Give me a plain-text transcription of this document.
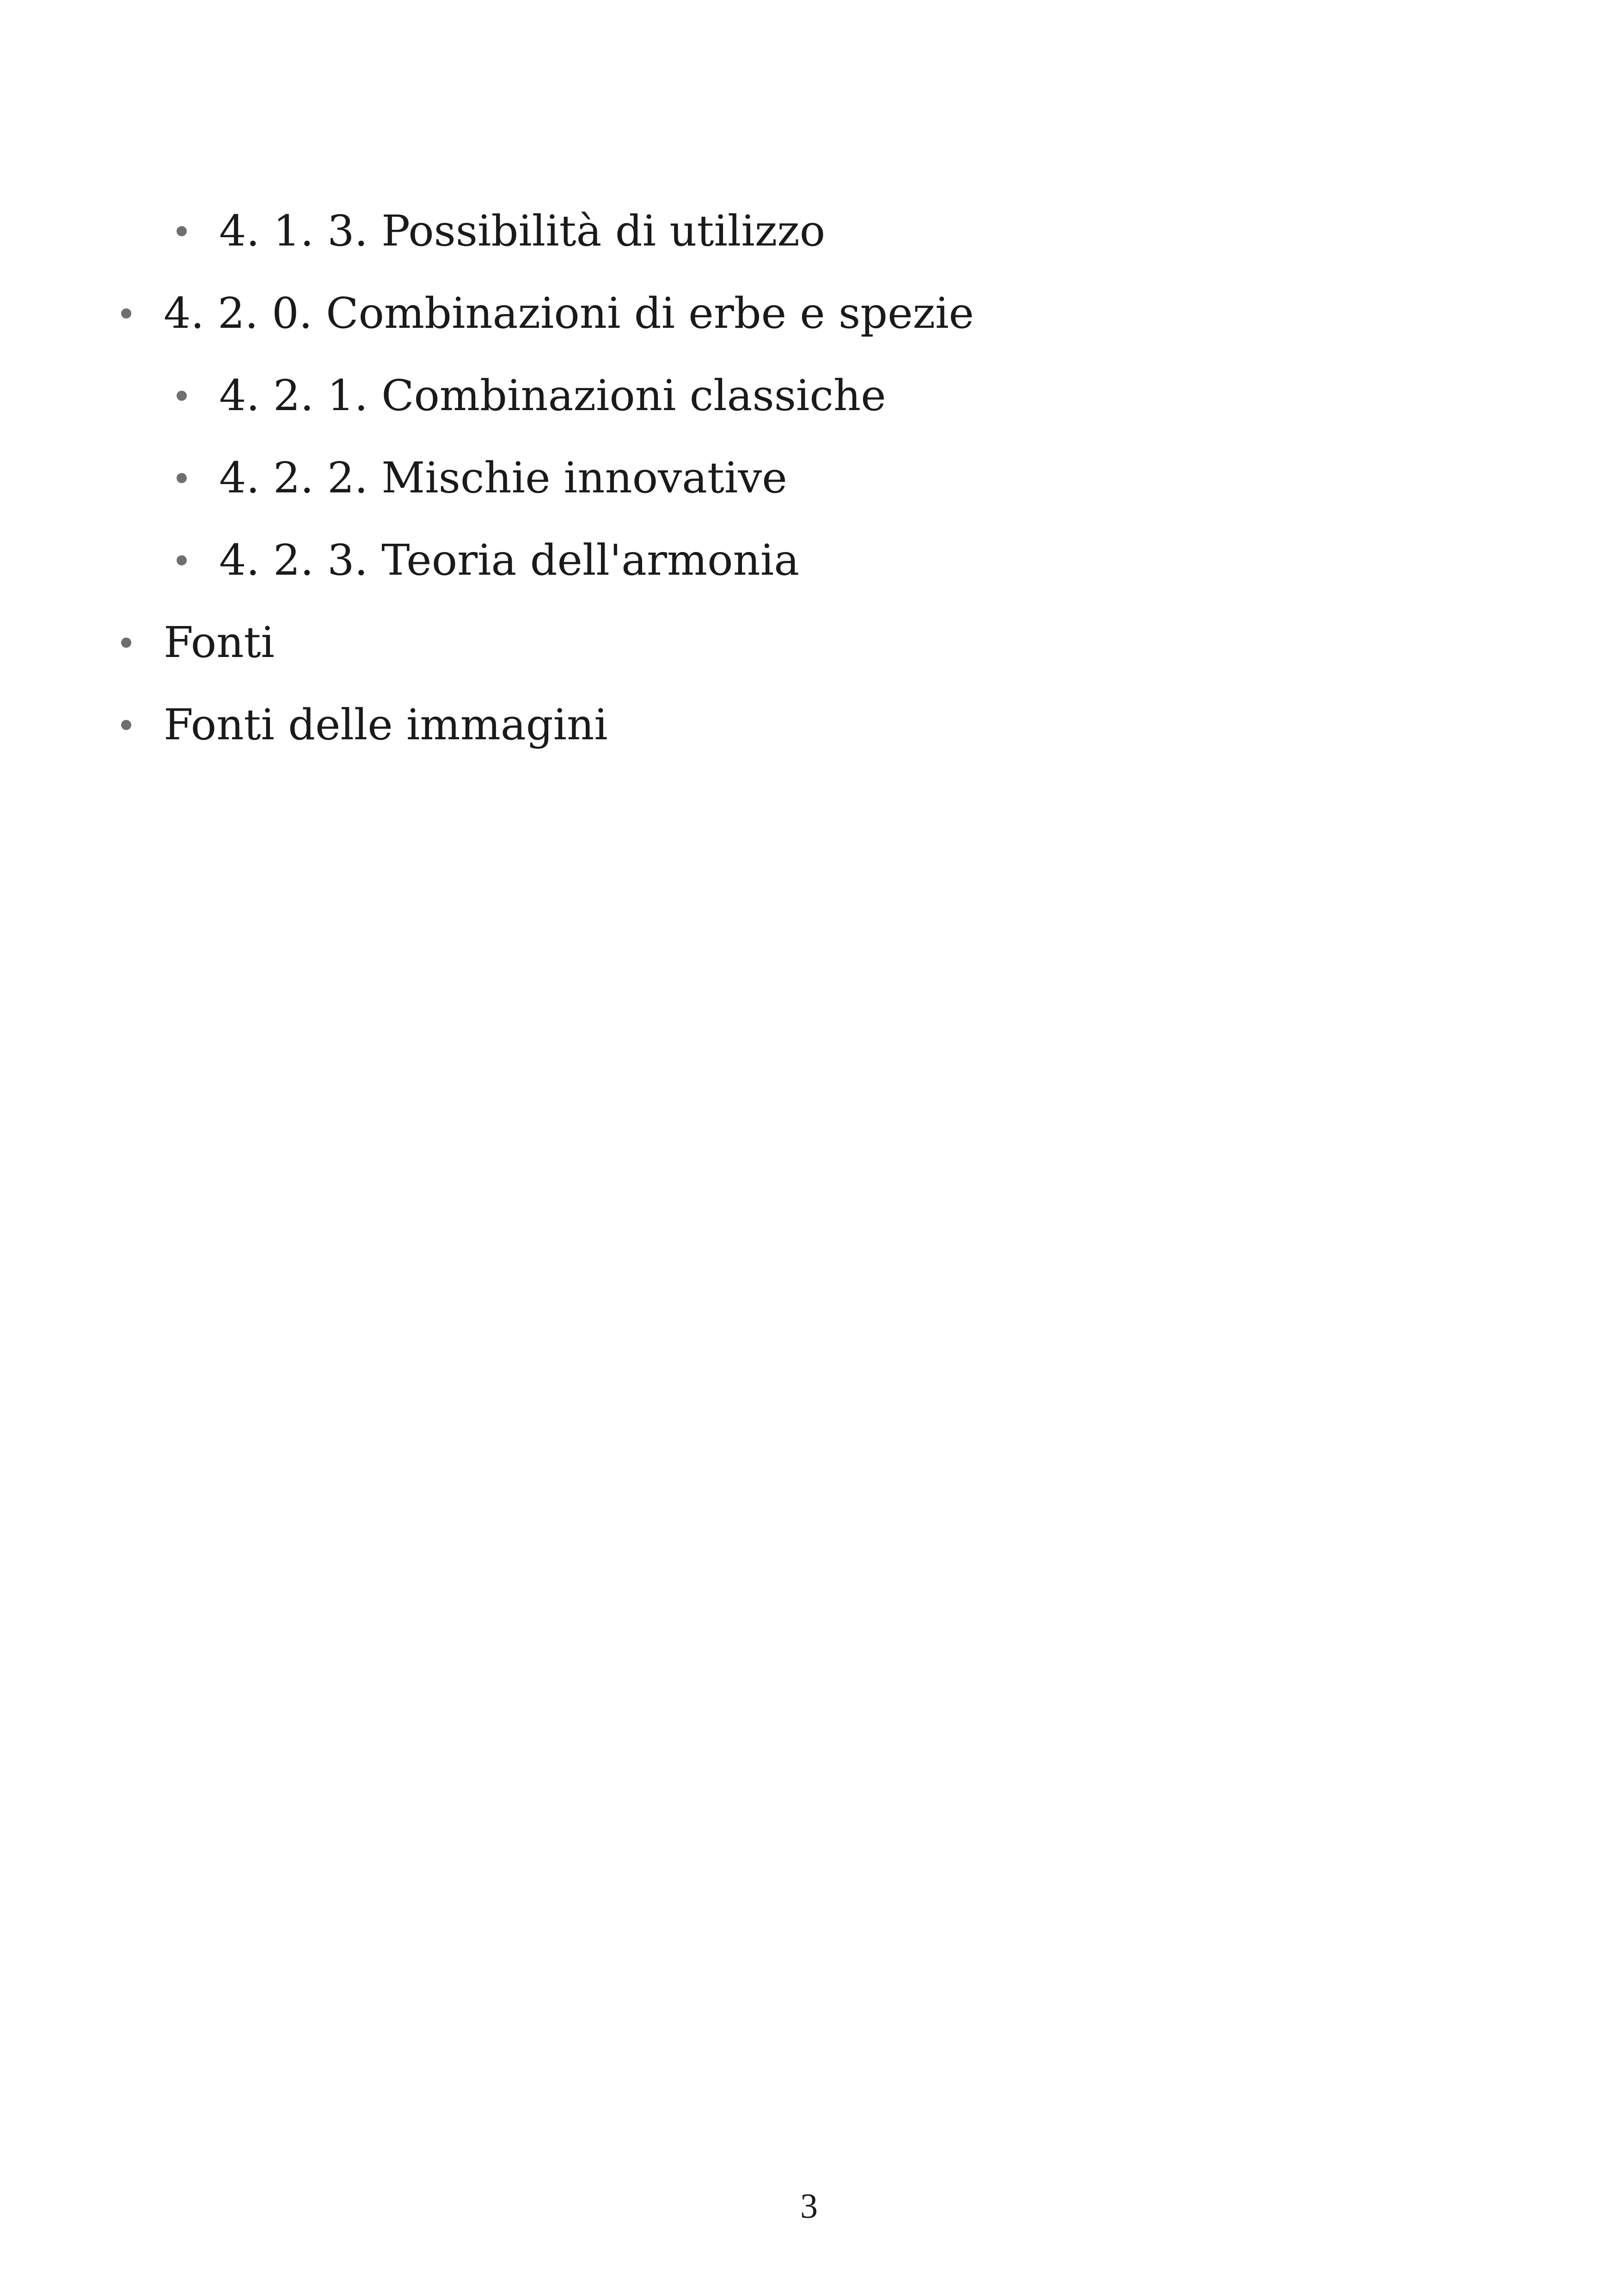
4. 1. 3. Possibilità di utilizzo
4. 2. 0. Combinazioni di erbe e spezie
4. 2. 1. Combinazioni classiche
4. 2. 2. Mischie innovative
4. 2. 3. Teoria dell'armonia
Fonti
Fonti delle immagini
3
